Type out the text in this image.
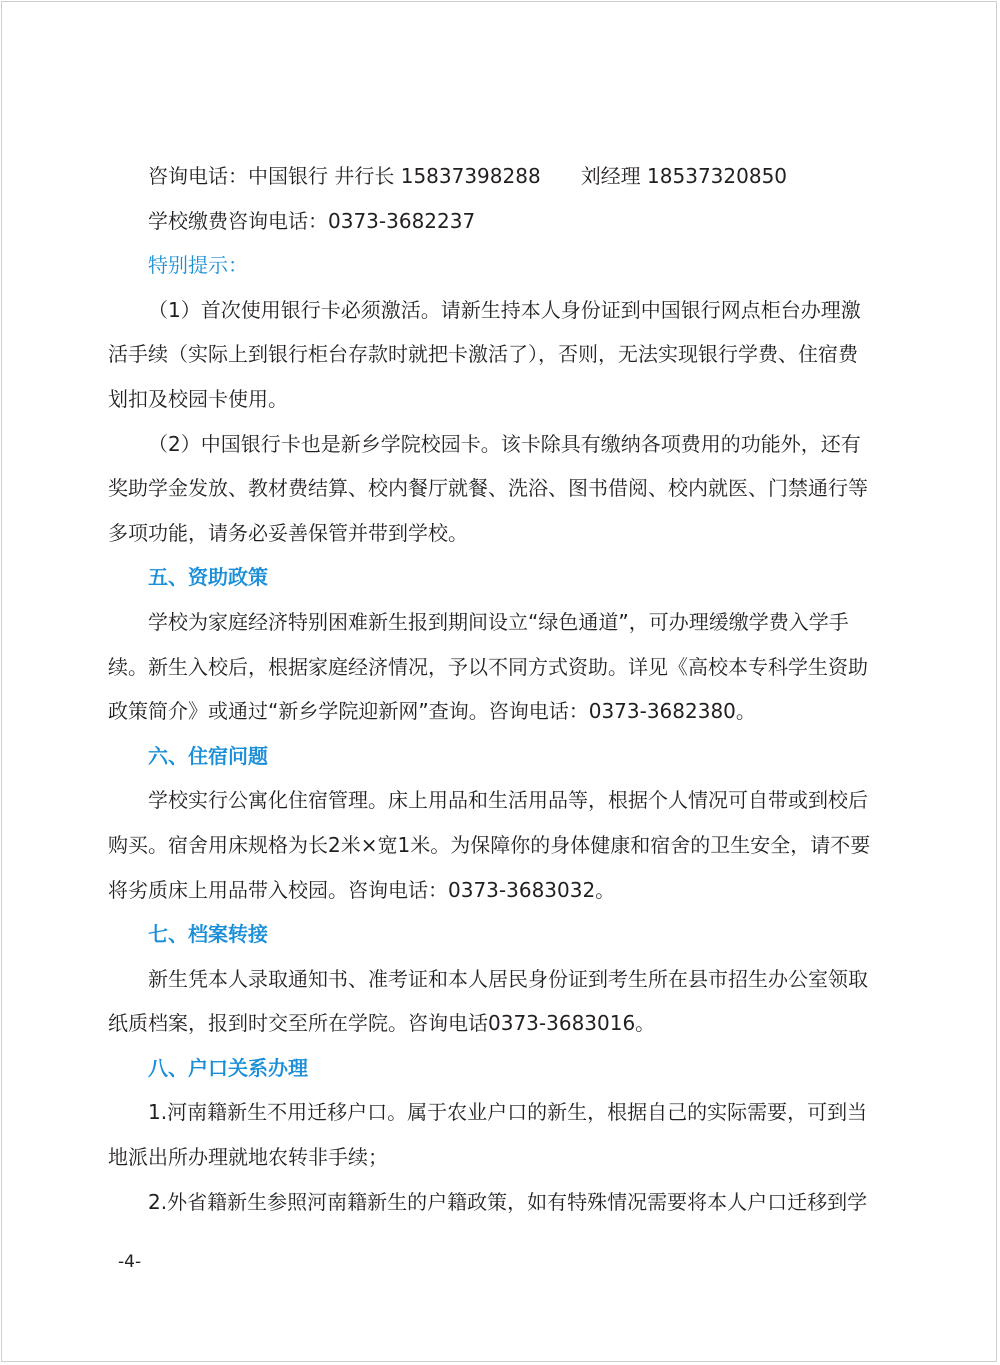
咨询电话：中国银行 井行长 15837398288 刘经理 18537320850
学校缴费咨询电话：0373-3682237
特别提示：
（1）首次使用银行卡必须激活。请新生持本人身份证到中国银行网点柜台办理激
活手续（实际上到银行柜台存款时就把卡激活了），否则，无法实现银行学费、住宿费
划扣及校园卡使用。
（2）中国银行卡也是新乡学院校园卡。该卡除具有缴纳各项费用的功能外，还有
奖助学金发放、教材费结算、校内餐厅就餐、洗浴、图书借阅、校内就医、门禁通行等
多项功能，请务必妥善保管并带到学校。
五、资助政策
学校为家庭经济特别困难新生报到期间设立“绿色通道”，可办理缓缴学费入学手
续。新生入校后，根据家庭经济情况，予以不同方式资助。详见《高校本专科学生资助
政策简介》或通过“新乡学院迎新网”查询。咨询电话：0373-3682380。
六、住宿问题
学校实行公寓化住宿管理。床上用品和生活用品等，根据个人情况可自带或到校后
购买。宿舍用床规格为长2米×宽1米。为保障你的身体健康和宿舍的卫生安全，请不要
将劣质床上用品带入校园。咨询电话：0373-3683032。
七、档案转接
新生凭本人录取通知书、准考证和本人居民身份证到考生所在县市招生办公室领取
纸质档案，报到时交至所在学院。咨询电话0373-3683016。
八、户口关系办理
1.河南籍新生不用迁移户口。属于农业户口的新生，根据自己的实际需要，可到当
地派出所办理就地农转非手续；
2.外省籍新生参照河南籍新生的户籍政策，如有特殊情况需要将本人户口迁移到学
-4-
